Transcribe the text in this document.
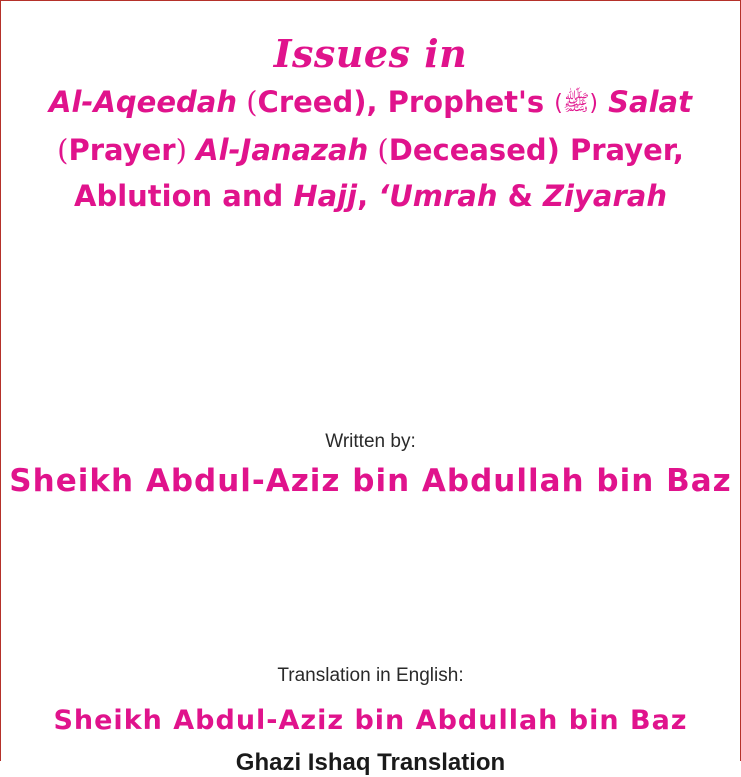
Issues in
Al-Aqeedah (Creed), Prophet's (ﷺ) Salat
(Prayer) Al-Janazah (Deceased) Prayer,
Ablution and Hajj, ‘Umrah & Ziyarah
Written by:
Sheikh Abdul-Aziz bin Abdullah bin Baz
Translation in English:
Sheikh Abdul-Aziz bin Abdullah bin Baz
Ghazi Ishaq Translation
